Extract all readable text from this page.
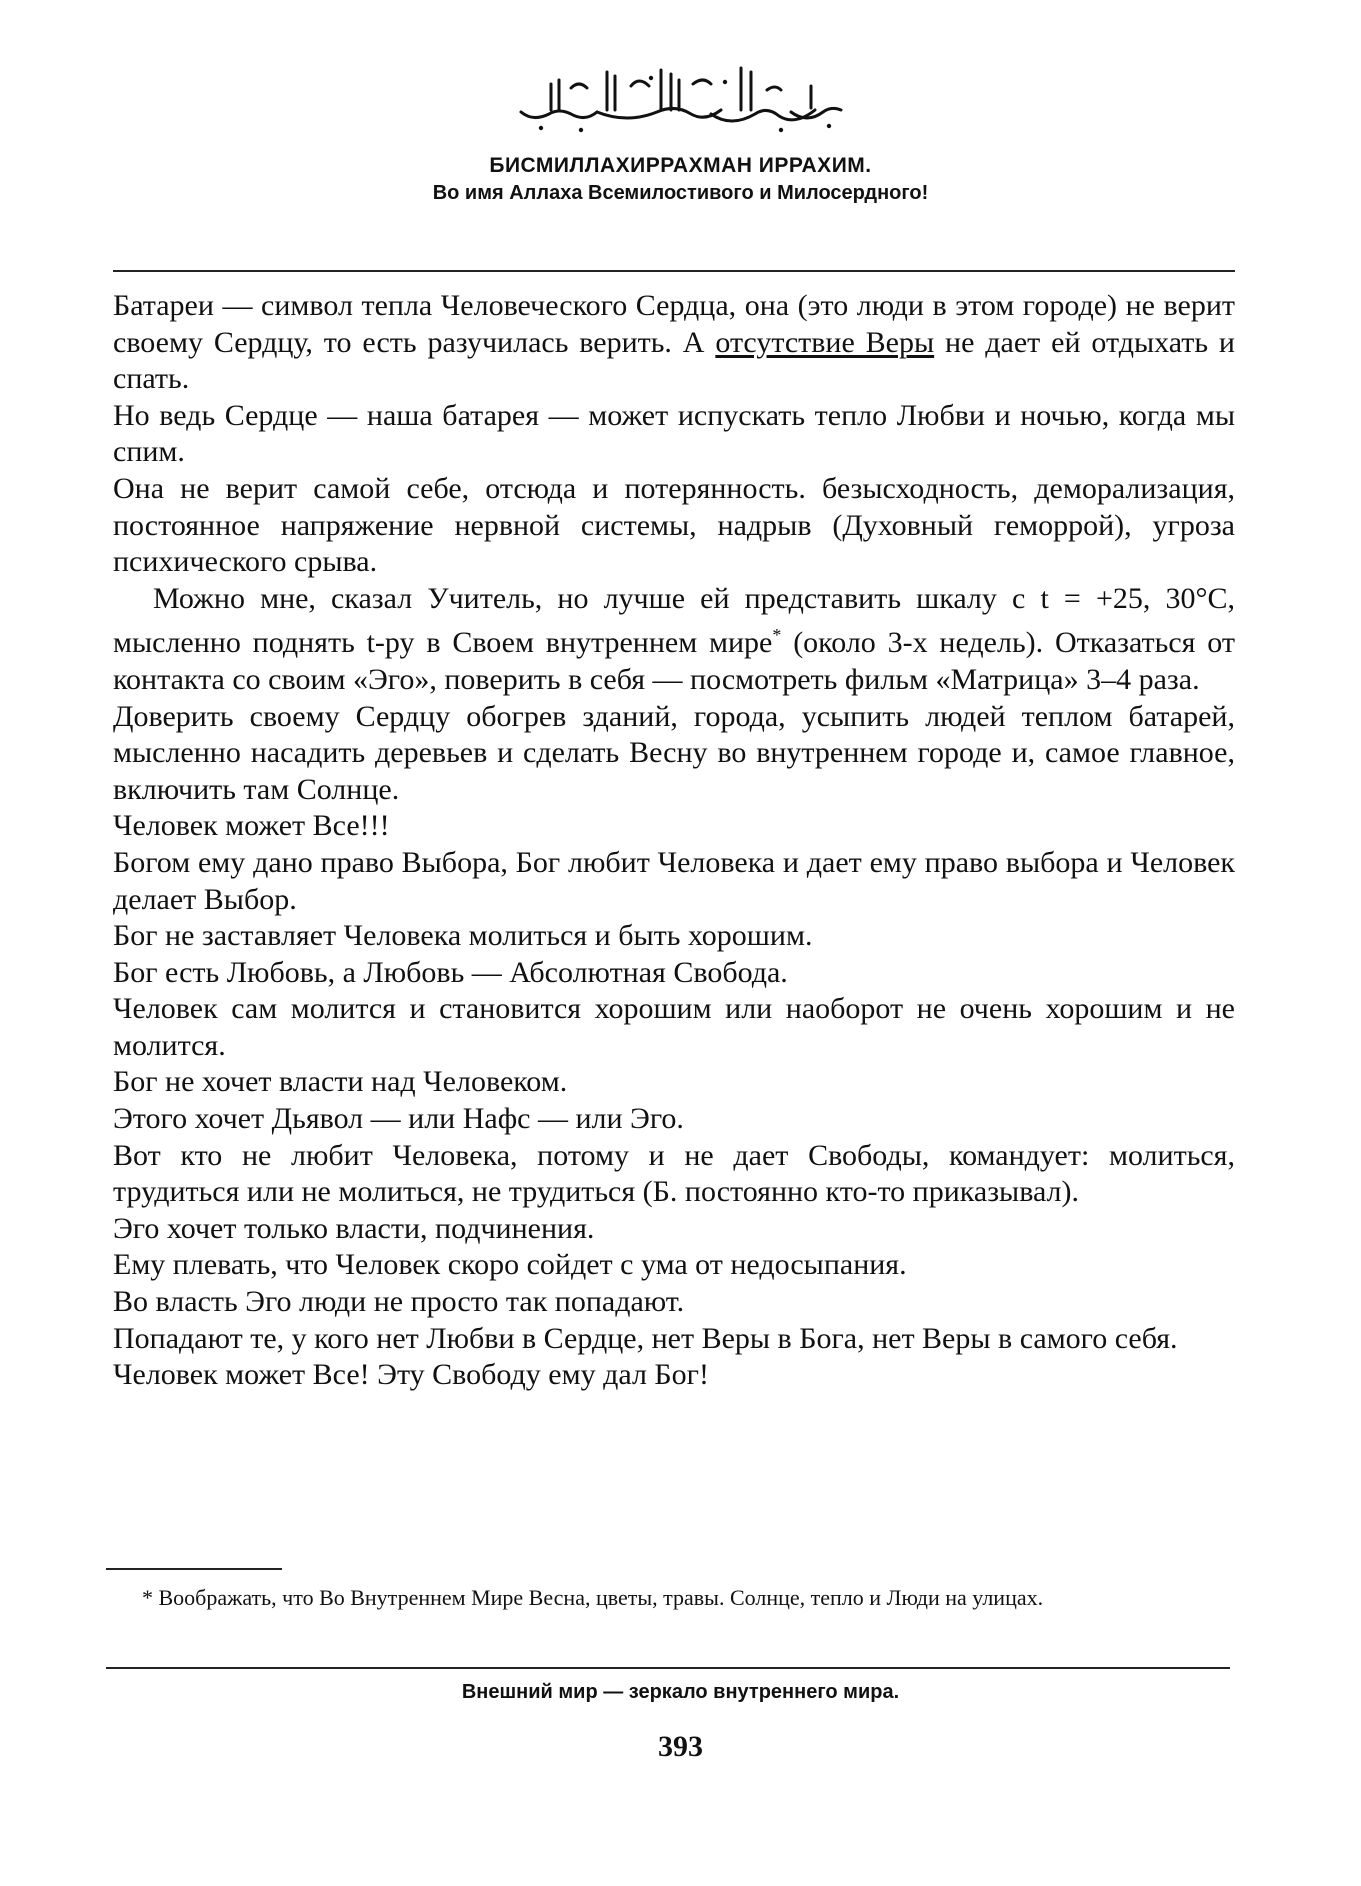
БИСМИЛЛАХИРРАХМАН ИРРАХИМ.
Во имя Аллаха Всемилостивого и Милосердного!

Батареи — символ тепла Человеческого Сердца, она (это люди в этом городе) не верит своему Сердцу, то есть разучилась верить. А отсутствие Веры не дает ей отдыхать и спать.

Но ведь Сердце — наша батарея — может испускать тепло Любви и ночью, когда мы спим.

Она не верит самой себе, отсюда и потерянность. безысходность, деморализация, постоянное напряжение нервной системы, надрыв (Духовный геморрой), угроза психического срыва.

Можно мне, сказал Учитель, но лучше ей представить шкалу с t = +25, 30°С, мысленно поднять t-ру в Своем внутреннем мире* (около 3-х недель). Отказаться от контакта со своим «Эго», поверить в себя — посмотреть фильм «Матрица» 3–4 раза.

Доверить своему Сердцу обогрев зданий, города, усыпить людей теплом батарей, мысленно насадить деревьев и сделать Весну во внутреннем городе и, самое главное, включить там Солнце.

Человек может Все!!!

Богом ему дано право Выбора, Бог любит Человека и дает ему право выбора и Человек делает Выбор.

Бог не заставляет Человека молиться и быть хорошим.

Бог есть Любовь, а Любовь — Абсолютная Свобода.

Человек сам молится и становится хорошим или наоборот не очень хорошим и не молится.

Бог не хочет власти над Человеком.

Этого хочет Дьявол — или Нафс — или Эго.

Вот кто не любит Человека, потому и не дает Свободы, командует: молиться, трудиться или не молиться, не трудиться (Б. постоянно кто-то приказывал).

Эго хочет только власти, подчинения.

Ему плевать, что Человек скоро сойдет с ума от недосыпания.

Во власть Эго люди не просто так попадают.

Попадают те, у кого нет Любви в Сердце, нет Веры в Бога, нет Веры в самого себя.

Человек может Все! Эту Свободу ему дал Бог!

* Воображать, что Во Внутреннем Мире Весна, цветы, травы. Солнце, тепло и Люди на улицах.
Внешний мир — зеркало внутреннего мира.
393
